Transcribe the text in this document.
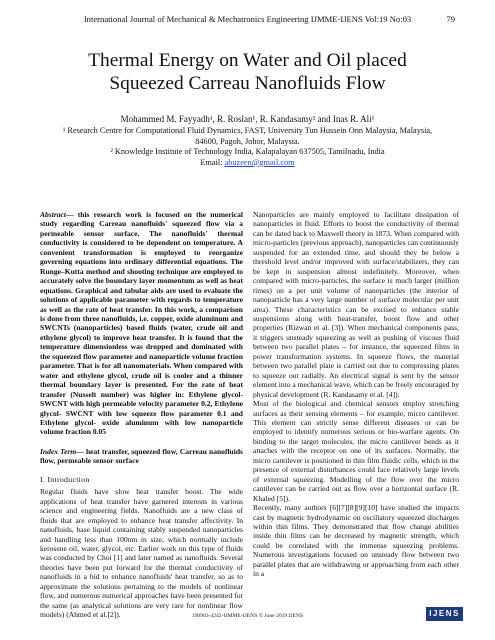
International Journal of Mechanical & Mechatronics Engineering IJMME-IJENS Vol:19 No:03	79
Thermal Energy on Water and Oil placed
Squeezed Carreau Nanofluids Flow
Mohammed M. Fayyadh¹, R. Roslan¹, R. Kandasamy² and Inas R. Ali¹
¹ Research Centre for Computational Fluid Dynamics, FAST, University Tun Hussein Onn Malaysia, Malaysia,
84600, Pagoh, Johor, Malaysia.
² Knowledge Institute of Technology India, Kalapalayan 637505, Tamilnadu, India
Email: abuzeen@gmail.com

Abstract— this research work is focused on the numerical study regarding Carreau nanofluids' squeezed flow via a permeable sensor surface. The nanofluids' thermal conductivity is considered to be dependent on temperature. A convenient transformation is employed to reorganize governing equations into ordinary differential equations. The Runge–Kutta method and shooting technique are employed to accurately solve the boundary layer momentum as well as heat equations. Graphical and tabular aids are used to evaluate the solutions of applicable parameter with regards to temperature as well as the rate of heat transfer. In this work, a comparison is done from three nanofluids, i.e. copper, oxide aluminum and SWCNTs (nanoparticles) based fluids (water, crude oil and ethylene glycol) to improve heat transfer. It is found that the temperature dimensionless was dropped and dominated with the squeezed flow parameter and nanoparticle volume fraction parameter. That is for all nanomaterials. When compared with water and ethylene glycol, crude oil is cooler and a thinner thermal boundary layer is presented. For the rate of heat transfer (Nusselt number) was higher in: Ethylene glycol-SWCNT with high permeable velocity parameter 0.2, Ethylene glycol- SWCNT with low squeeze flow parameter 0.1 and Ethylene glycol- oxide aluminum with low nanoparticle volume fraction 0.05

Index Term— heat transfer, squeezed flow, Carreau nanofluids flow, permeable sensor surface

I. Introduction

Regular fluids have slow heat transfer boost. The wide applications of heat transfer have garnered interests in various science and engineering fields. Nanofluids are a new class of fluids that are employed to enhance heat transfer affectivity. In nanofluids, base liquid containing stably suspended nanoparticles and handling less than 100nm in size, which normally include kerosene oil, water, glycol, etc. Earlier work on this type of fluids was conducted by Choi [1] and later named as nanofluids. Several theories have been put forward for the thermal conductivity of nanofluids in a bid to enhance nanofluids' heat transfer, so as to approximate the solutions pertaining to the models of nonlinear flow, and numerous numerical approaches have been presented for the same (as analytical solutions are very rare for nonlinear flow models) (Ahmed et al.[2]).

Nanoparticles are mainly employed to facilitate dissipation of nanoparticles in fluid. Efforts to boost the conductivity of thermal can be dated back to Maxwell theory in 1873. When compared with micro-particles (previous approach), nanoparticles can continuously suspended for an extended time, and should they be below a threshold level and/or improved with surface/stabilizers, they can be kept in suspension almost indefinitely. Moreover, when compared with micro-particles, the surface is much larger (million times) on a per unit volume of nanoparticles (the interior of nanoparticle has a very large number of surface molecular per unit area). These characteristics can be excised to enhance stable suspensions along with heat-transfer, boost flow and other properties (Rizwan et al. [3]). When mechanical components pass, it triggers unsteady squeezing as well as pushing of viscous fluid between two parallel plates – for instance, the squeezed films in power transformation systems. In squeeze flows, the material between two parallel plate is carried out due to compressing plates to squeeze out radially. An electrical signal is sent by the sensor element into a mechanical wave, which can be freely encouraged by physical development (R. Kandasamy et al. [4]).

Most of the biological and chemical sensors employ stretching surfaces as their sensing elements – for example, micro cantilever. This element can strictly sense different diseases or can be employed to identify numerous serious or bio-warfare agents. On binding to the target molecules, the micro cantilever bends as it attaches with the receptor on one of its surfaces. Normally, the micro cantilever is positioned in thin film fluidic cells, which in the presence of external disturbances could face relatively large levels of external squeezing. Modelling of the flow over the micro cantilever can be carried out as flow over a horizontal surface (R. Khaled [5]).

Recently, many authors [6][7][8][9][10] have studied the impacts cast by magnetic hydrodynamic on oscillatory squeezed discharges within thin films. They demonstrated that flow change abilities inside thin films can be decreased by magnetic strength, which could be correlated with the immense squeezing problems. Numerous investigations focused on unsteady flow between two parallel plates that are withdrawing or approaching from each other in a

190903-4242-IJMME-IJENS © June 2019 IJENS	IJENS
